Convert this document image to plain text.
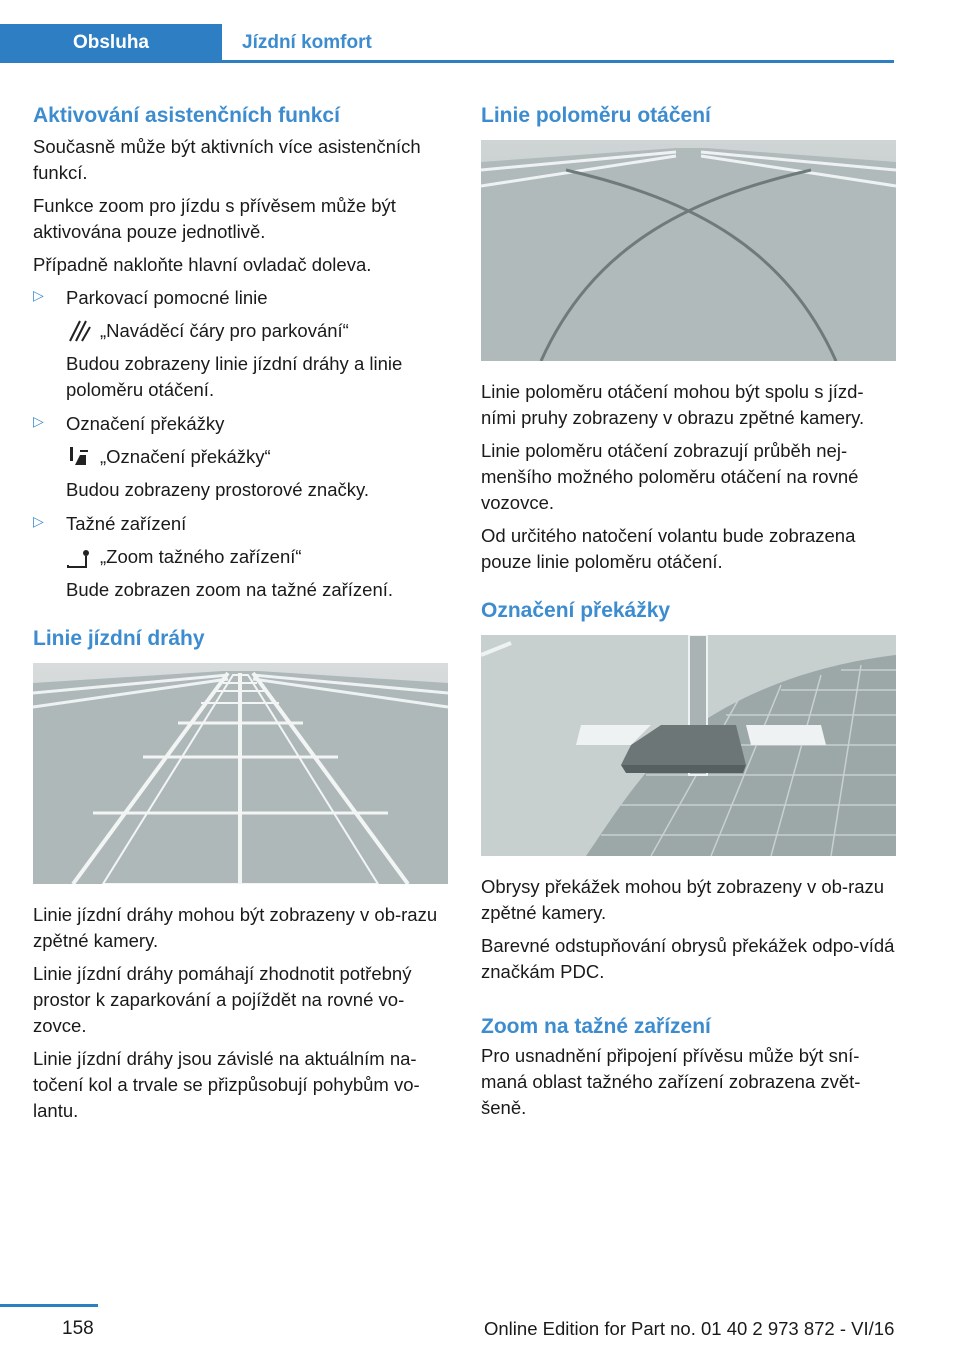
Obsluha	Jízdní komfort
Aktivování asistenčních funkcí

Současně může být aktivních více asistenčních funkcí.

Funkce zoom pro jízdu s přívěsem může být aktivována pouze jednotlivě.

Případně nakloňte hlavní ovladač doleva.

▷ Parkovací pomocné linie

„Naváděcí čáry pro parkování“

Budou zobrazeny linie jízdní dráhy a linie poloměru otáčení.

▷ Označení překážky

„Označení překážky“

Budou zobrazeny prostorové značky.

▷ Tažné zařízení

„Zoom tažného zařízení“

Bude zobrazen zoom na tažné zařízení.

Linie jízdní dráhy

Linie jízdní dráhy mohou být zobrazeny v ob-razu zpětné kamery.

Linie jízdní dráhy pomáhají zhodnotit potřebný prostor k zaparkování a pojíždět na rovné vo-zovce.

Linie jízdní dráhy jsou závislé na aktuálním na-točení kol a trvale se přizpůsobují pohybům vo-lantu.

Linie poloměru otáčení

Linie poloměru otáčení mohou být spolu s jízd-ními pruhy zobrazeny v obrazu zpětné kamery.

Linie poloměru otáčení zobrazují průběh nej-menšího možného poloměru otáčení na rovné vozovce.

Od určitého natočení volantu bude zobrazena pouze linie poloměru otáčení.

Označení překážky

Obrysy překážek mohou být zobrazeny v ob-razu zpětné kamery.

Barevné odstupňování obrysů překážek odpo-vídá značkám PDC.

Zoom na tažné zařízení

Pro usnadnění připojení přívěsu může být sní-maná oblast tažného zařízení zobrazena zvět-šeně.

158	Online Edition for Part no. 01 40 2 973 872 - VI/16
